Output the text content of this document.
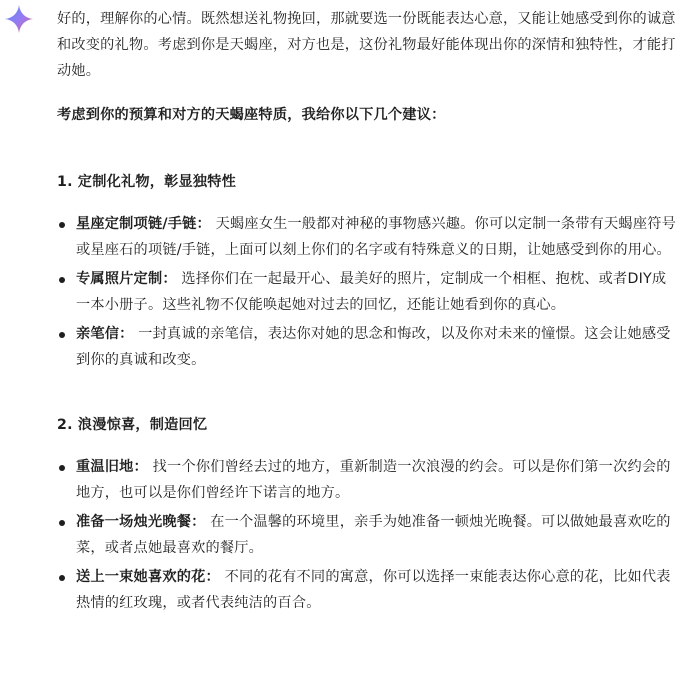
好的，理解你的心情。既然想送礼物挽回，那就要选一份既能表达心意，又能让她感受到你的诚意和改变的礼物。考虑到你是天蝎座，对方也是，这份礼物最好能体现出你的深情和独特性，才能打动她。

考虑到你的预算和对方的天蝎座特质，我给你以下几个建议：

1. 定制化礼物，彰显独特性

星座定制项链/手链： 天蝎座女生一般都对神秘的事物感兴趣。你可以定制一条带有天蝎座符号或星座石的项链/手链，上面可以刻上你们的名字或有特殊意义的日期，让她感受到你的用心。
专属照片定制： 选择你们在一起最开心、最美好的照片，定制成一个相框、抱枕、或者DIY成一本小册子。这些礼物不仅能唤起她对过去的回忆，还能让她看到你的真心。
亲笔信： 一封真诚的亲笔信，表达你对她的思念和悔改，以及你对未来的憧憬。这会让她感受到你的真诚和改变。

2. 浪漫惊喜，制造回忆

重温旧地： 找一个你们曾经去过的地方，重新制造一次浪漫的约会。可以是你们第一次约会的地方，也可以是你们曾经许下诺言的地方。
准备一场烛光晚餐： 在一个温馨的环境里，亲手为她准备一顿烛光晚餐。可以做她最喜欢吃的菜，或者点她最喜欢的餐厅。
送上一束她喜欢的花： 不同的花有不同的寓意，你可以选择一束能表达你心意的花，比如代表热情的红玫瑰，或者代表纯洁的百合。
